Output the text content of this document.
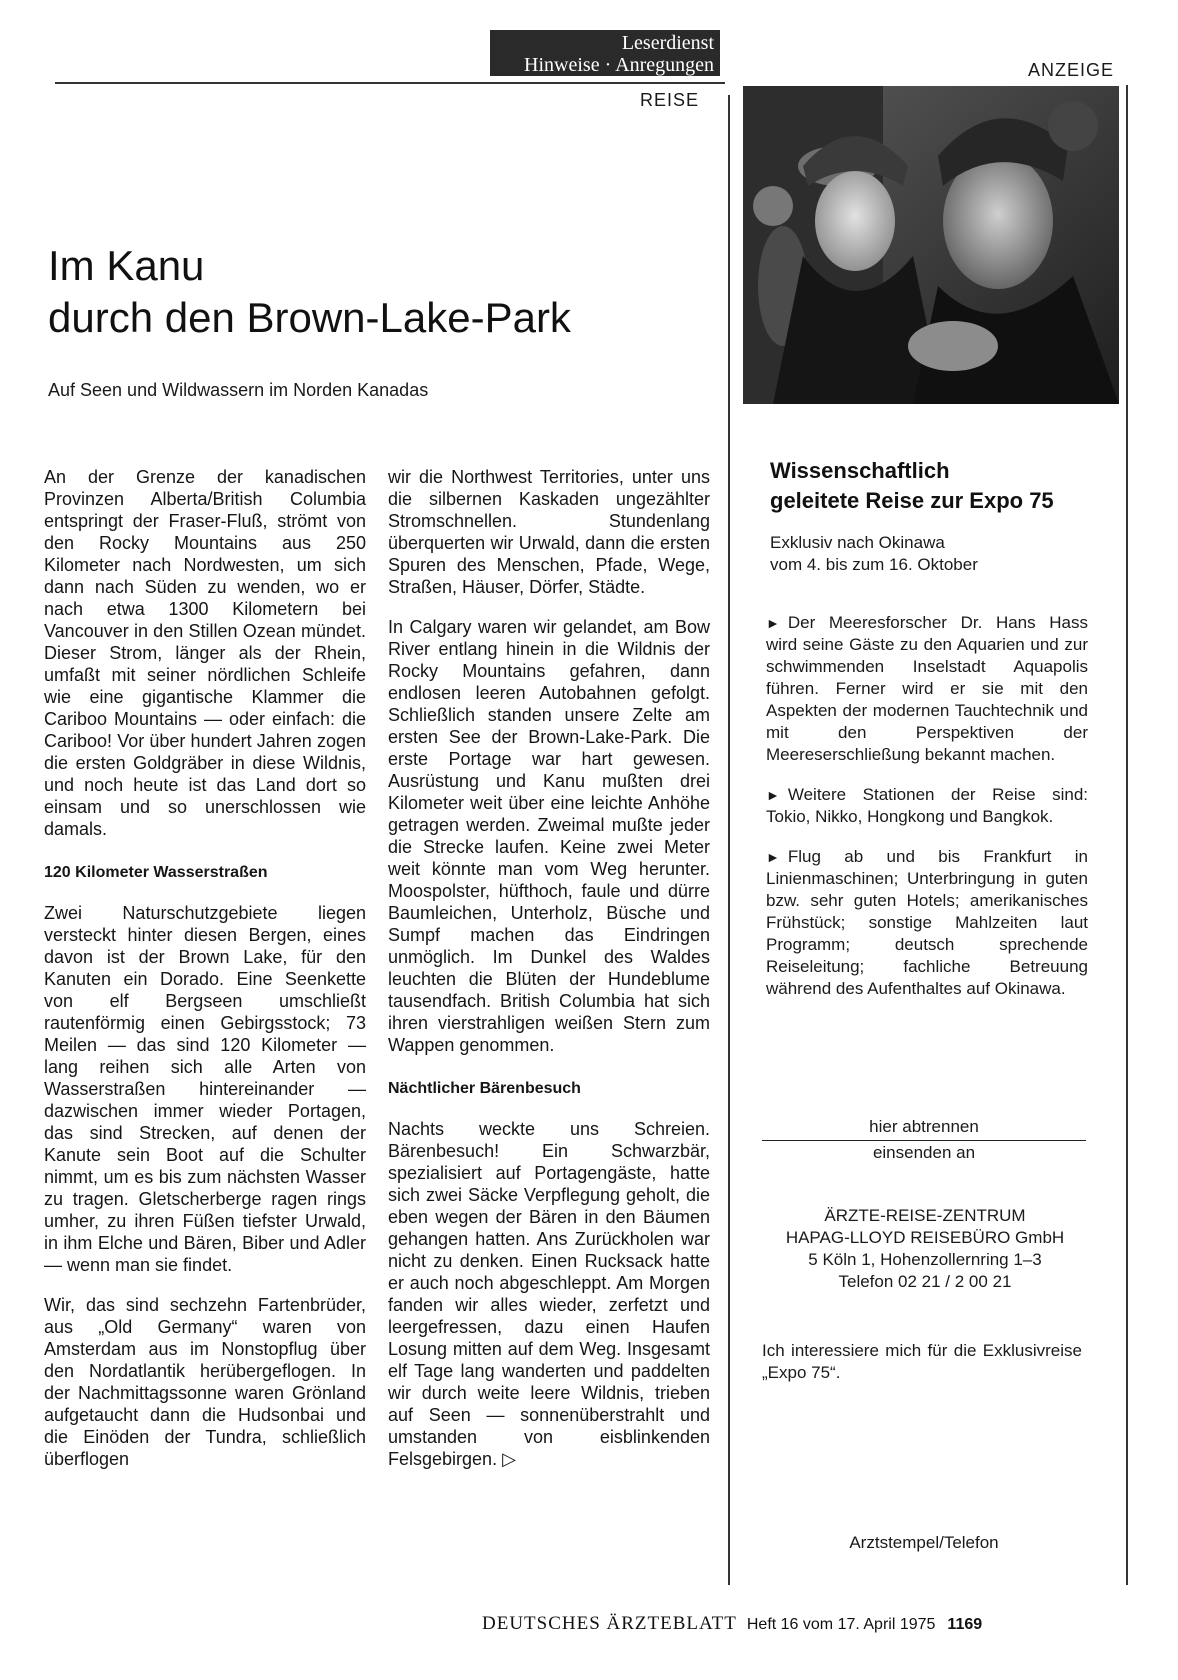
Leserdienst
Hinweise · Anregungen
REISE
ANZEIGE
Im Kanu
durch den Brown-Lake-Park
Auf Seen und Wildwassern im Norden Kanadas

An der Grenze der kanadischen Provinzen Alberta/British Columbia entspringt der Fraser-Fluß, strömt von den Rocky Mountains aus 250 Kilometer nach Nordwesten, um sich dann nach Süden zu wenden, wo er nach etwa 1300 Kilometern bei Vancouver in den Stillen Ozean mündet. Dieser Strom, länger als der Rhein, umfaßt mit seiner nördlichen Schleife wie eine gigantische Klammer die Cariboo Mountains — oder einfach: die Cariboo! Vor über hundert Jahren zogen die ersten Goldgräber in diese Wildnis, und noch heute ist das Land dort so einsam und so unerschlossen wie damals.

120 Kilometer Wasserstraßen

Zwei Naturschutzgebiete liegen versteckt hinter diesen Bergen, eines davon ist der Brown Lake, für den Kanuten ein Dorado. Eine Seenkette von elf Bergseen umschließt rautenförmig einen Gebirgsstock; 73 Meilen — das sind 120 Kilometer — lang reihen sich alle Arten von Wasserstraßen hintereinander — dazwischen immer wieder Portagen, das sind Strecken, auf denen der Kanute sein Boot auf die Schulter nimmt, um es bis zum nächsten Wasser zu tragen. Gletscherberge ragen rings umher, zu ihren Füßen tiefster Urwald, in ihm Elche und Bären, Biber und Adler — wenn man sie findet.

Wir, das sind sechzehn Fartenbrüder, aus „Old Germany“ waren von Amsterdam aus im Nonstopflug über den Nordatlantik herübergeflogen. In der Nachmittagssonne waren Grönland aufgetaucht dann die Hudsonbai und die Einöden der Tundra, schließlich überflogen

wir die Northwest Territories, unter uns die silbernen Kaskaden ungezählter Stromschnellen. Stundenlang überquerten wir Urwald, dann die ersten Spuren des Menschen, Pfade, Wege, Straßen, Häuser, Dörfer, Städte.

In Calgary waren wir gelandet, am Bow River entlang hinein in die Wildnis der Rocky Mountains gefahren, dann endlosen leeren Autobahnen gefolgt. Schließlich standen unsere Zelte am ersten See der Brown-Lake-Park. Die erste Portage war hart gewesen. Ausrüstung und Kanu mußten drei Kilometer weit über eine leichte Anhöhe getragen werden. Zweimal mußte jeder die Strecke laufen. Keine zwei Meter weit könnte man vom Weg herunter. Moospolster, hüfthoch, faule und dürre Baumleichen, Unterholz, Büsche und Sumpf machen das Eindringen unmöglich. Im Dunkel des Waldes leuchten die Blüten der Hundeblume tausendfach. British Columbia hat sich ihren vierstrahligen weißen Stern zum Wappen genommen.

Nächtlicher Bärenbesuch

Nachts weckte uns Schreien. Bärenbesuch! Ein Schwarzbär, spezialisiert auf Portagengäste, hatte sich zwei Säcke Verpflegung geholt, die eben wegen der Bären in den Bäumen gehangen hatten. Ans Zurückholen war nicht zu denken. Einen Rucksack hatte er auch noch abgeschleppt. Am Morgen fanden wir alles wieder, zerfetzt und leergefressen, dazu einen Haufen Losung mitten auf dem Weg. Insgesamt elf Tage lang wanderten und paddelten wir durch weite leere Wildnis, trieben auf Seen — sonnenüberstrahlt und umstanden von eisblinkenden Felsgebirgen. ▷

Wissenschaftlich
geleitete Reise zur Expo 75
Exklusiv nach Okinawa
vom 4. bis zum 16. Oktober

► Der Meeresforscher Dr. Hans Hass wird seine Gäste zu den Aquarien und zur schwimmenden Inselstadt Aquapolis führen. Ferner wird er sie mit den Aspekten der modernen Tauchtechnik und mit den Perspektiven der Meereserschließung bekannt machen.

► Weitere Stationen der Reise sind: Tokio, Nikko, Hongkong und Bangkok.

► Flug ab und bis Frankfurt in Linienmaschinen; Unterbringung in guten bzw. sehr guten Hotels; amerikanisches Frühstück; sonstige Mahlzeiten laut Programm; deutsch sprechende Reiseleitung; fachliche Betreuung während des Aufenthaltes auf Okinawa.

hier abtrennen
einsenden an
ÄRZTE-REISE-ZENTRUM
HAPAG-LLOYD REISEBÜRO GmbH
5 Köln 1, Hohenzollernring 1–3
Telefon 02 21 / 2 00 21
Ich interessiere mich für die Exklusivreise „Expo 75“.
Arztstempel/Telefon
DEUTSCHES ÄRZTEBLATT Heft 16 vom 17. April 1975 1169
